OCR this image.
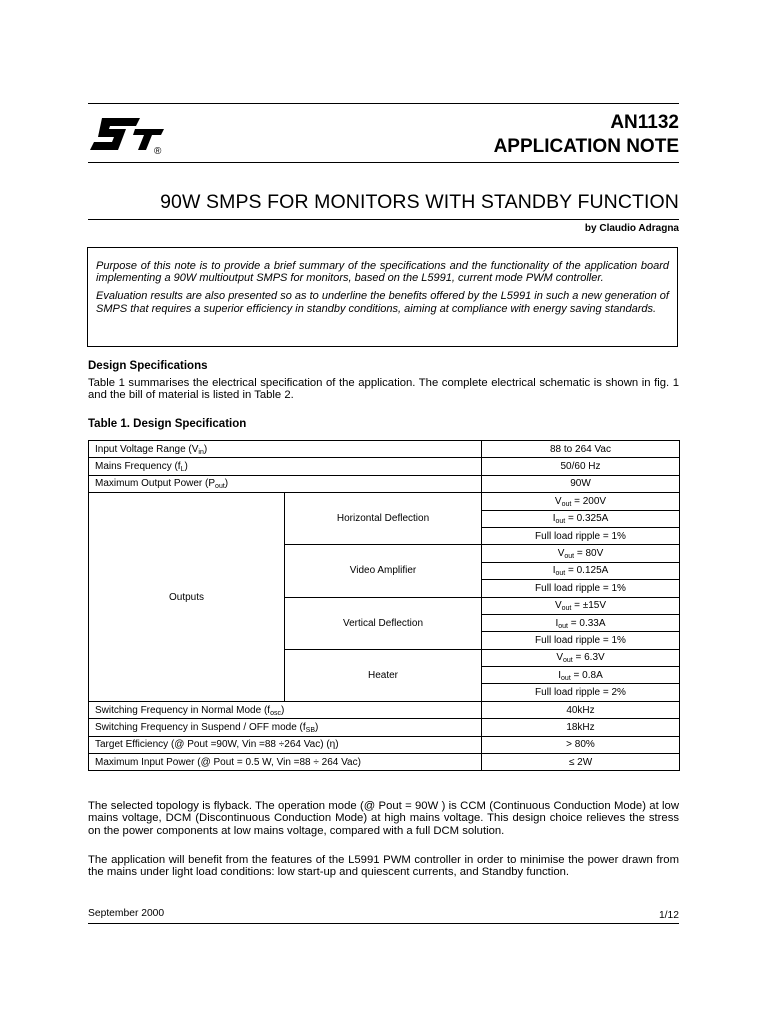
®
AN1132
APPLICATION NOTE
90W SMPS FOR MONITORS WITH STANDBY FUNCTION
by Claudio Adragna

Purpose of this note is to provide a brief summary of the specifications and the functionality of the application board implementing a 90W multioutput SMPS for monitors, based on the L5991, current mode PWM controller.

Evaluation results are also presented so as to underline the benefits offered by the L5991 in such a new generation of SMPS that requires a superior efficiency in standby conditions, aiming at compliance with energy saving standards.

Design Specifications

Table 1 summarises the electrical specification of the application. The complete electrical schematic is shown in fig. 1 and the bill of material is listed in Table 2.

Table 1. Design Specification
Input Voltage Range $(V_{in})$		88 to 264 Vac
Mains Frequency $(f_L)$		50/60 Hz
Maximum Output Power $(P_{out})$		90W
Outputs	Horizontal Deflection	$V_{out} = 200V$
		$I_{out} = 0.325A$
		Full load ripple = 1%
	Video Amplifier	$V_{out} = 80V$
		$I_{out} = 0.125A$
		Full load ripple = 1%
	Vertical Deflection	$V_{out} = \pm 15V$
		$I_{out} = 0.33A$
		Full load ripple = 1%
	Heater	$V_{out} = 6.3V$
		$I_{out} = 0.8A$
		Full load ripple = 2%
Switching Frequency in Normal Mode $(f_{osc})$		40kHz
Switching Frequency in Suspend / OFF mode $(f_{SB})$		18kHz
Target Efficiency (@ Pout =90W, Vin =88 ÷264 Vac) (η)		> 80%
Maximum Input Power (@ Pout = 0.5 W, Vin =88 ÷ 264 Vac)		≤ 2W

The selected topology is flyback. The operation mode (@ Pout = 90W ) is CCM (Continuous Conduction Mode) at low mains voltage, DCM (Discontinuous Conduction Mode) at high mains voltage. This design choice relieves the stress on the power components at low mains voltage, compared with a full DCM solution.

The application will benefit from the features of the L5991 PWM controller in order to minimise the power drawn from the mains under light load conditions: low start-up and quiescent currents, and Standby function.

September 2000	1/12
